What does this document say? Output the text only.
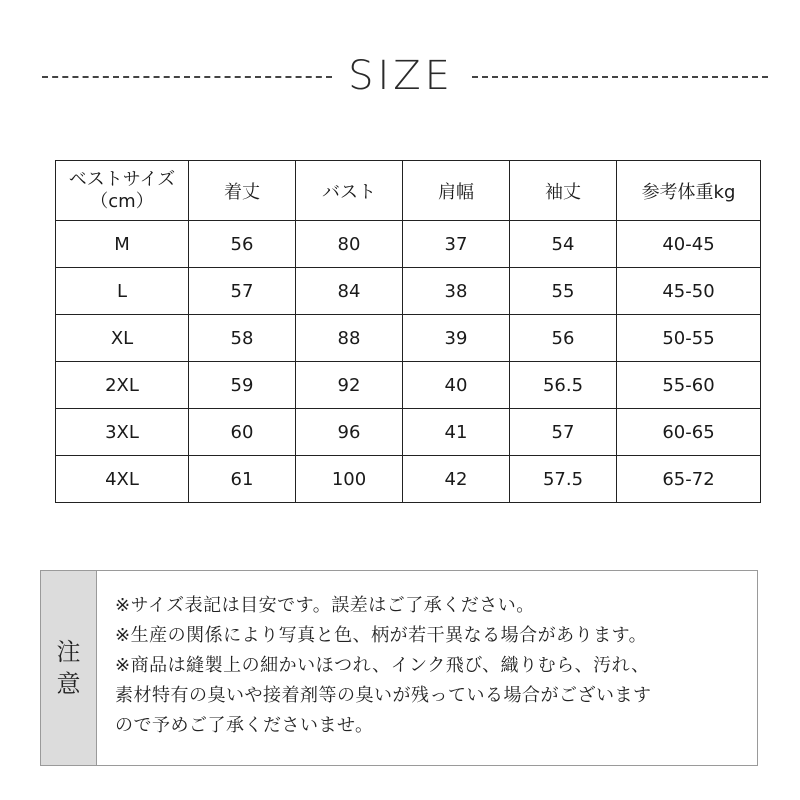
SIZE
ベストサイズ
（cm）	着丈	バスト	肩幅	袖丈	参考体重kg
M	56	80	37	54	40-45
L	57	84	38	55	45-50
XL	58	88	39	56	50-55
2XL	59	92	40	56.5	55-60
3XL	60	96	41	57	60-65
4XL	61	100	42	57.5	65-72
注
意
※サイズ表記は目安です。誤差はご了承ください。
※生産の関係により写真と色、柄が若干異なる場合があります。
※商品は縫製上の細かいほつれ、インク飛び、織りむら、汚れ、
素材特有の臭いや接着剤等の臭いが残っている場合がございます
ので予めご了承くださいませ。
